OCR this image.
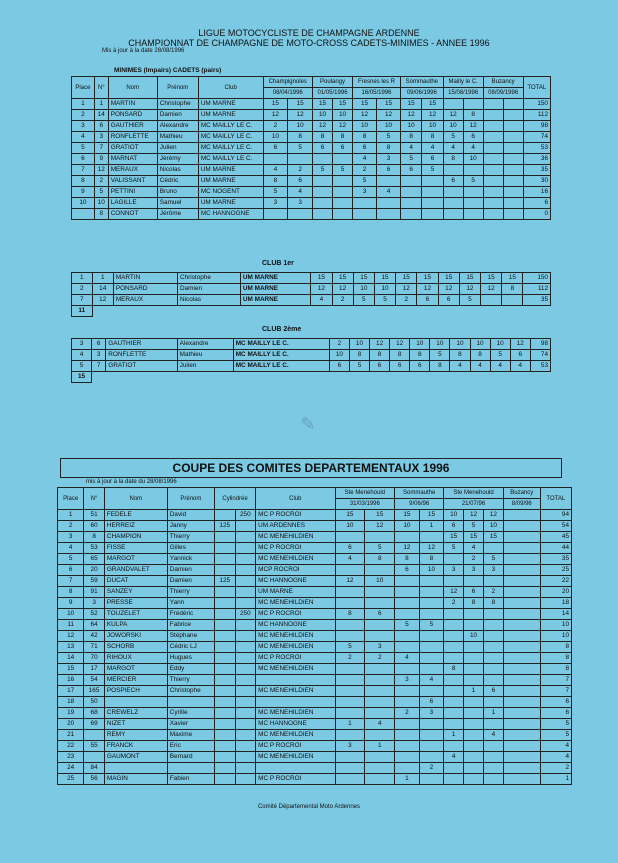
LIGUE MOTOCYCLISTE DE CHAMPAGNE ARDENNE
CHAMPIONNAT DE CHAMPAGNE DE MOTO-CROSS CADETS-MINIMES - ANNEE 1996
Mis à jour à la date 28/08/1996
MINIMES (Impairs) CADETS (pairs)
Place	N°	Nom	Prénom	Club	Champignoles		Poulangy		Fresnes les R		Sommauthe		Mailly le C.		Buzancy		TOTAL
					08/04/1996		01/05/1996		16/05/1996		09/06/1996		15/08/1996		08/09/1996		
1	1	MARTIN	Christophe	UM MARNE	15	15	15	15	15	15	15	15					150
2	14	PONSARD	Damien	UM MARNE	12	12	10	10	12	12	12	12	12	8			112
3	6	GAUTHIER	Alexandre	MC MAILLY LE C.	2	10	12	12	10	10	10	10	10	12			98
4	3	RONFLETTE	Mathieu	MC MAILLY LE C.	10	8	8	8	8	5	8	8	5	6			74
5	7	GRATIOT	Julien	MC MAILLY LE C.	6	5	6	6	6	8	4	4	4	4			53
6	9	MARNAT	Jérémy	MC MAILLY LE C.					4	3	5	6	8	10			36
7	12	MERAUX	Nicolas	UM MARNE	4	2	5	5	2	6	6	5					35
8	2	VALISSANT	Cédric	UM MARNE	8	6			5				6	5			30
9	5	PETTINI	Bruno	MC NOGENT	5	4			3	4							16
10	10	LAGILLE	Samuel	UM MARNE	3	3											6
	8	CONNOT	Jérôme	MC HANNOGNE													0
CLUB 1er
1	1	MARTIN	Christophe	UM MARNE	15	15	15	15	15	15	15	15	15	15	150
2	14	PONSARD	Damien	UM MARNE	12	12	10	10	12	12	12	12	12	8	112
7	12	MERAUX	Nicolas	UM MARNE	4	2	5	5	2	6	6	5			35
11															
CLUB 2ème
3	6	GAUTHIER	Alexandre	MC MAILLY LE C.	2	10	12	12	10	10	10	10	10	12	98
4	3	RONFLETTE	Mathieu	MC MAILLY LE C.	10	8	8	8	8	5	8	8	5	6	74
5	7	GRATIOT	Julien	MC MAILLY LE C.	6	5	6	6	6	8	4	4	4	4	53
15															
✎
COUPE DES COMITES DEPARTEMENTAUX 1996
mis à jour à la date du 28/08/1996
Place	N°	Nom	Prénom	Cylindrée		Club	Ste Menehould		Sommauthe		Ste Menehould			Buzancy	TOTAL
							31/03/1996		9/06/96		21/07/96			8/09/96	
1	51	FEDELE	David		250	MC P ROCROI	15	15	15	15	10	12	12		94
2	60	HERREIZ	Janny	125		UM ARDENNES	10	12	10	1	6	5	10		54
3	8	CHAMPION	Thierry			MC MENEHILDIEN					15	15	15		45
4	53	FISSE	Gilles			MC P ROCROI	6	5	12	12	5	4			44
5	65	MARGOT	Yannick			MC MENEHILDIEN	4	8	8	8		2	5		35
6	20	GRANDVALET	Damien			MCP ROCROI			6	10	3	3	3		25
7	59	DUCAT	Damien	125		MC HANNOGNE	12	10							22
8	91	SANZEY	Thierry			UM MARNE					12	6	2		20
9	3	PRESSE	Yann			MC MENEHILDIEN					2	8	8		18
10	52	TOUZELET	Frédéric		250	MC P ROCROI	8	6							14
11	64	KULPA	Fabrice			MC HANNOGNE			5	5					10
12	42	JOWORSKI	Stéphane			MC MENEHILDIEN						10			10
13	71	SCHORB	Cédric LJ			MC MENEHILDIEN	5	3							8
14	70	RIHOUX	Hugues			MC P ROCROI	2	2	4						8
15	17	MARGOT	Eddy			MC MENEHILDIEN					8				8
16	54	MERCIER	Thierry						3	4					7
17	165	POSPIECH	Christophe			MC MENEHILDIEN						1	6		7
18	50									6					6
19	68	CREWELZ	Cyrille			MC MENEHILDIEN			2	3			1		6
20	69	NIZET	Xavier			MC HANNOGNE	1	4							5
21		REMY	Maxime			MC MENEHILDIEN					1		4		5
22	55	FRANCK	Eric			MC P ROCROI	3	1							4
23		GAUMONT	Bernard			MC MENEHILDIEN					4				4
24	84									2					2
25	56	MAGIN	Fabien			MC P ROCROI			1						1
Comité Départemental Moto Ardennes
